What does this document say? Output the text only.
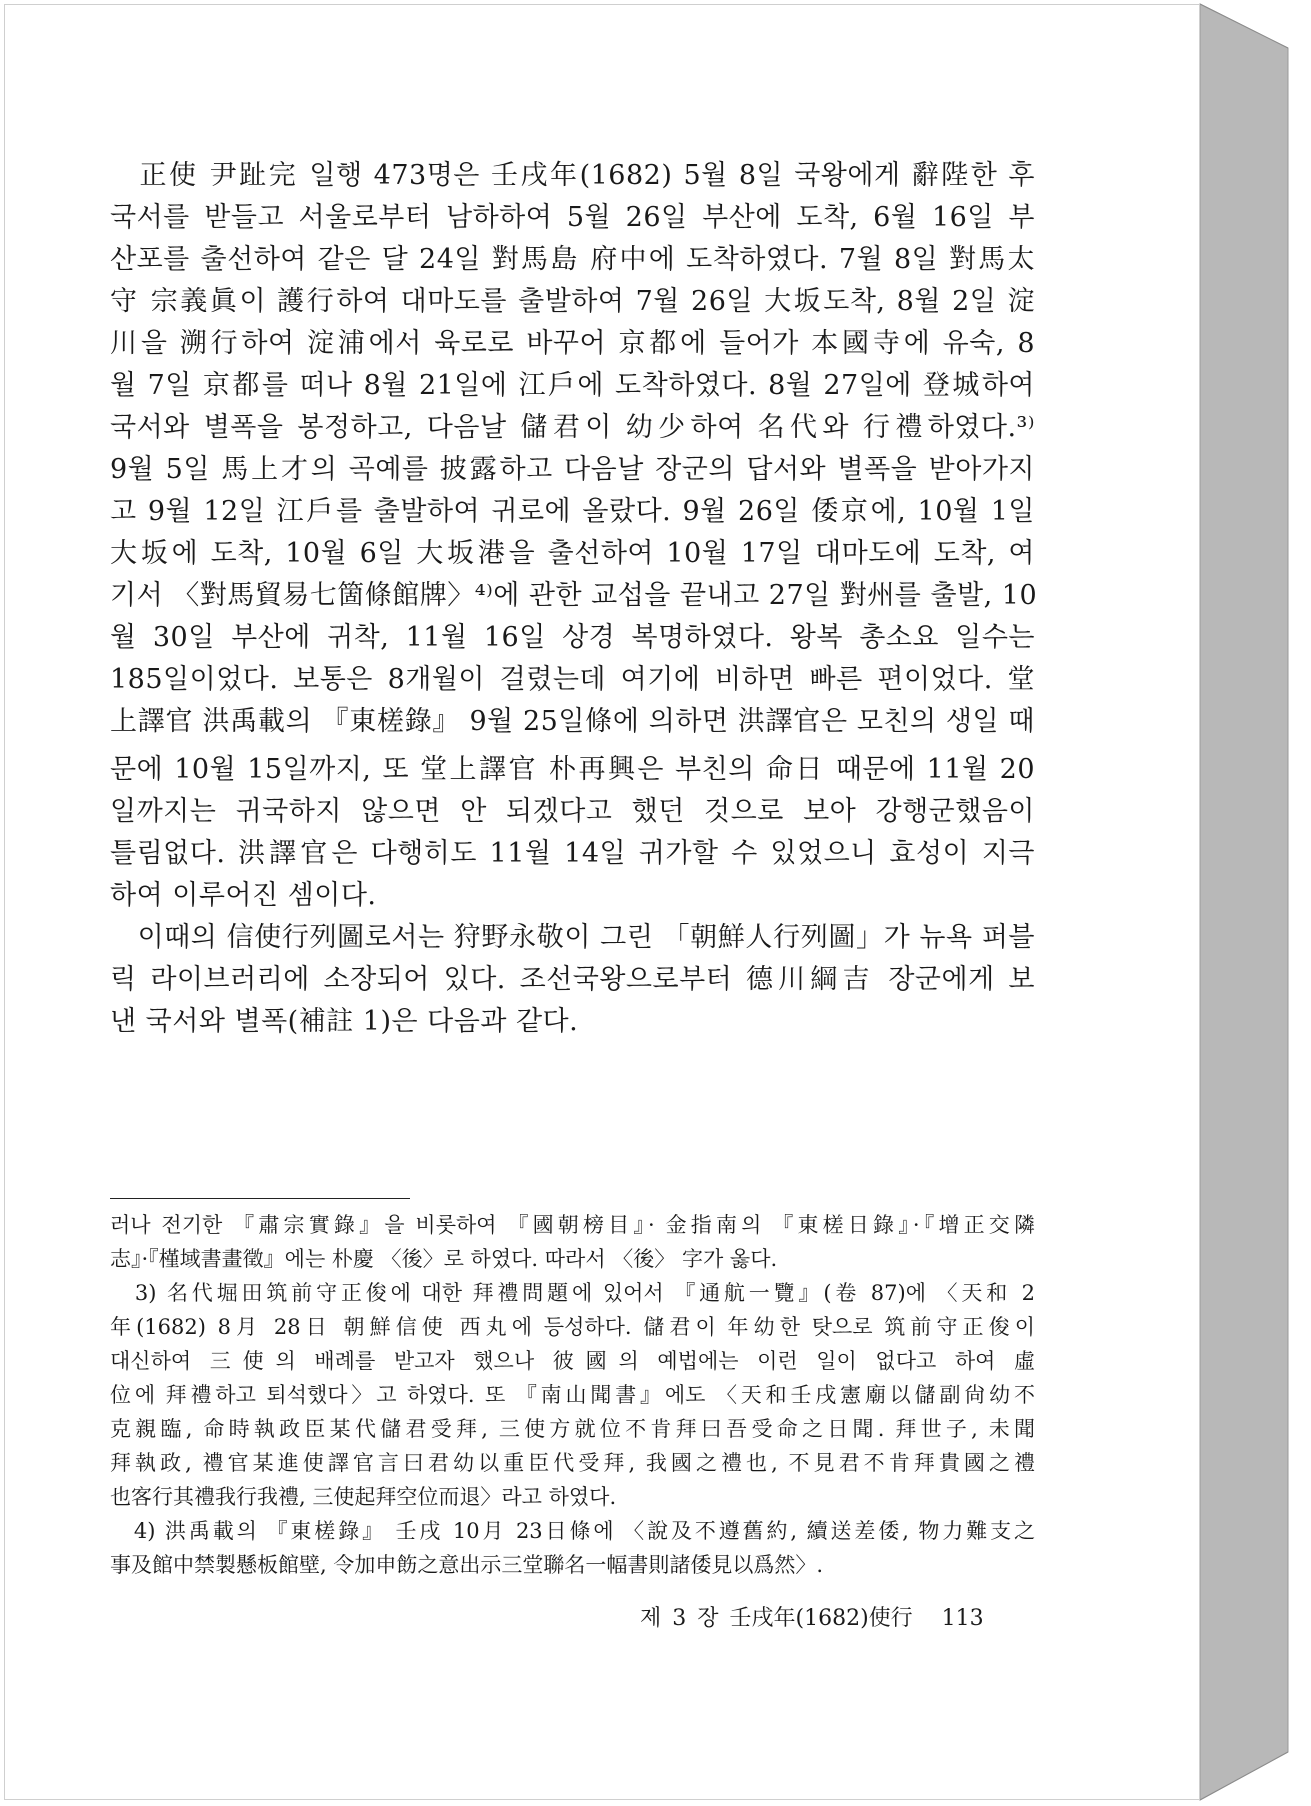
　正使 尹趾完 일행 473명은 壬戌年(1682) 5월 8일 국왕에게 辭陛한 후
국서를 받들고 서울로부터 남하하여 5월 26일 부산에 도착, 6월 16일 부
산포를 출선하여 같은 달 24일 對馬島 府中에 도착하였다. 7월 8일 對馬太
守 宗義眞이 護行하여 대마도를 출발하여 7월 26일 大坂도착, 8월 2일 淀
川을 溯行하여 淀浦에서 육로로 바꾸어 京都에 들어가 本國寺에 유숙, 8
월 7일 京都를 떠나 8월 21일에 江戶에 도착하였다. 8월 27일에 登城하여
국서와 별폭을 봉정하고, 다음날 儲君이 幼少하여 名代와 行禮하였다.³⁾
9월 5일 馬上才의 곡예를 披露하고 다음날 장군의 답서와 별폭을 받아가지
고 9월 12일 江戶를 출발하여 귀로에 올랐다. 9월 26일 倭京에, 10월 1일
大坂에 도착, 10월 6일 大坂港을 출선하여 10월 17일 대마도에 도착, 여
기서 〈對馬貿易七箇條館牌〉⁴⁾에 관한 교섭을 끝내고 27일 對州를 출발, 10
월 30일 부산에 귀착, 11월 16일 상경 복명하였다. 왕복 총소요 일수는
185일이었다. 보통은 8개월이 걸렸는데 여기에 비하면 빠른 편이었다. 堂
上譯官 洪禹載의 『東槎錄』 9월 25일條에 의하면 洪譯官은 모친의 생일 때
문에 10월 15일까지, 또 堂上譯官 朴再興은 부친의 命日 때문에 11월 20
일까지는 귀국하지 않으면 안 되겠다고 했던 것으로 보아 강행군했음이
틀림없다. 洪譯官은 다행히도 11월 14일 귀가할 수 있었으니 효성이 지극
하여 이루어진 셈이다.
　이때의 信使行列圖로서는 狩野永敬이 그린 「朝鮮人行列圖」가 뉴욕 퍼블
릭 라이브러리에 소장되어 있다. 조선국왕으로부터 德川綱吉 장군에게 보
낸 국서와 별폭(補註 1)은 다음과 같다.
러나 전기한 『肅宗實錄』을 비롯하여 『國朝榜目』· 金指南의 『東槎日錄』·『增正交隣
志』·『槿域書畫徵』에는 朴慶 〈後〉로 하였다. 따라서 〈後〉 字가 옳다.
　3) 名代堀田筑前守正俊에 대한 拜禮問題에 있어서 『通航一覽』(卷 87)에 〈天和 2
年(1682) 8月 28日 朝鮮信使 西丸에 등성하다. 儲君이 年幼한 탓으로 筑前守正俊이
대신하여 三使의 배례를 받고자 했으나 彼國의 예법에는 이런 일이 없다고 하여 虛
位에 拜禮하고 퇴석했다〉고 하였다. 또 『南山聞書』에도 〈天和壬戌憲廟以儲副尙幼不
克親臨, 命時執政臣某代儲君受拜, 三使方就位不肯拜曰吾受命之日聞. 拜世子, 未聞
拜執政, 禮官某進使譯官言曰君幼以重臣代受拜, 我國之禮也, 不見君不肯拜貴國之禮
也客行其禮我行我禮, 三使起拜空位而退〉라고 하였다.
　4) 洪禹載의 『東槎錄』 壬戌 10月 23日條에 〈說及不遵舊約, 續送差倭, 物力難支之
事及館中禁製懸板館壁, 令加申飭之意出示三堂聯名一幅書則諸倭見以爲然〉.
제 3 장 壬戌年(1682)使行 113
